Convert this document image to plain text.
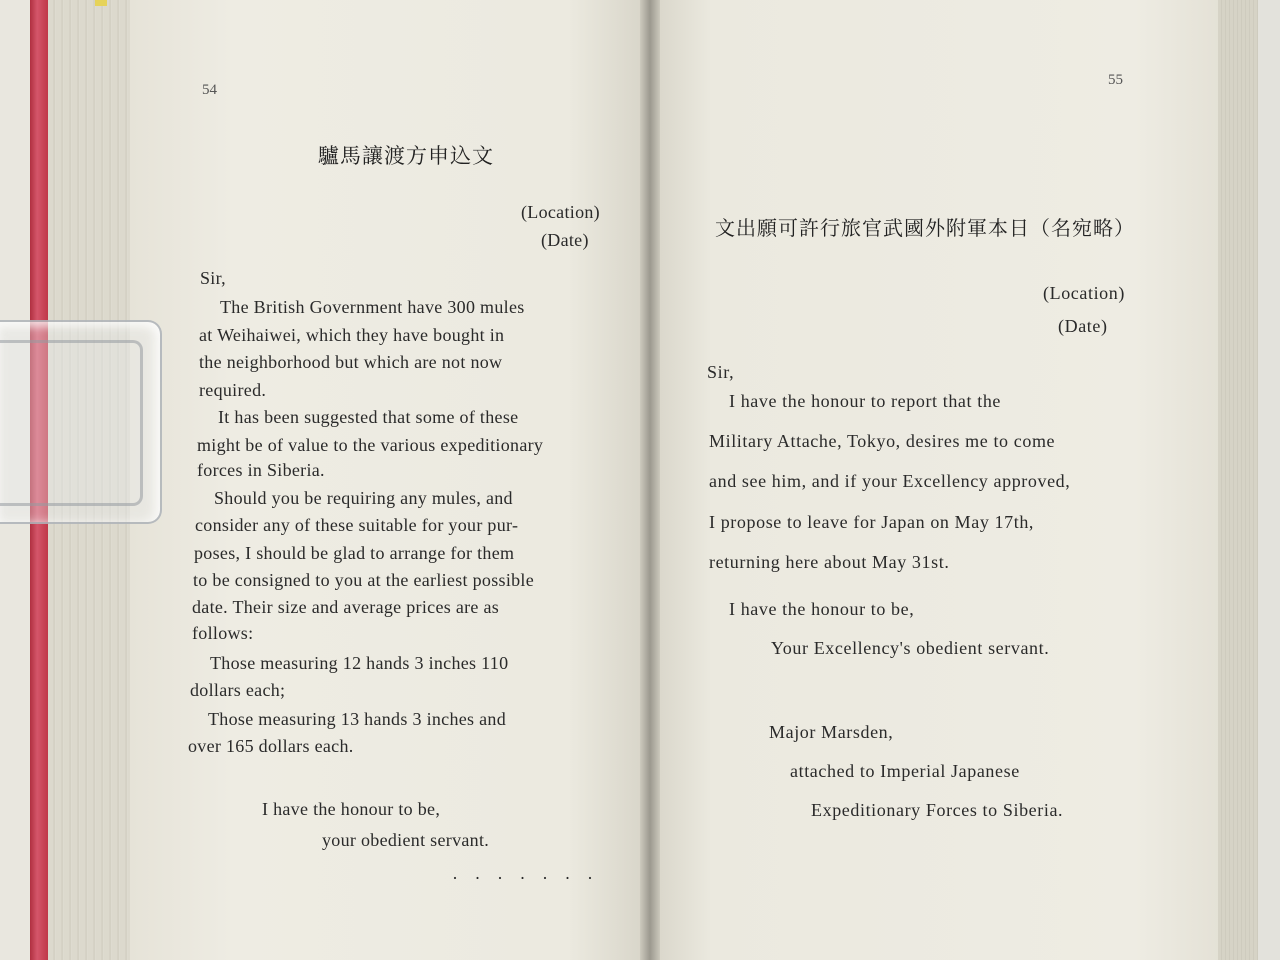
54
驢馬讓渡方申込文
(Location)
(Date)
Sir,
The British Government have 300 mules
at Weihaiwei, which they have bought in
the neighborhood but which are not now
required.
It has been suggested that some of these
might be of value to the various expeditionary
forces in Siberia.
Should you be requiring any mules, and
consider any of these suitable for your pur-
poses, I should be glad to arrange for them
to be consigned to you at the earliest possible
date. Their size and average prices are as
follows:
Those measuring 12 hands 3 inches 110
dollars each;
Those measuring 13 hands 3 inches and
over 165 dollars each.
I have the honour to be,
your obedient servant.
· · · · · · ·
55
文出願可許行旅官武國外附軍本日（名宛略）
(Location)
(Date)
Sir,
I have the honour to report that the
Military Attache, Tokyo, desires me to come
and see him, and if your Excellency approved,
I propose to leave for Japan on May 17th,
returning here about May 31st.
I have the honour to be,
Your Excellency's obedient servant.
Major Marsden,
attached to Imperial Japanese
Expeditionary Forces to Siberia.
